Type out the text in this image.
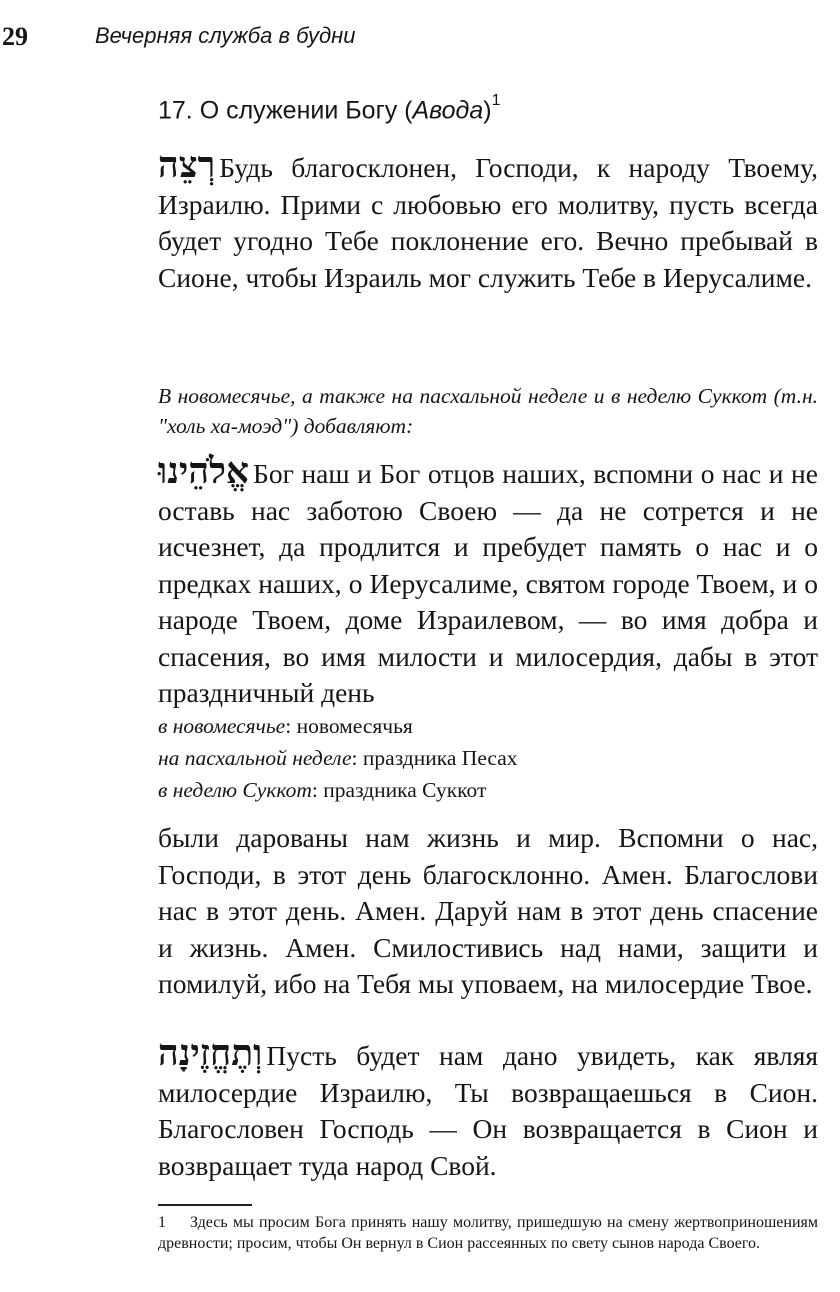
29	Вечерняя служба в будни
17. О служении Богу (Авода)$^1$

רְצֵה Будь благосклонен, Господи, к народу Твоему, Израилю. Прими с любовью его молитву, пусть всегда будет угодно Тебе поклонение его. Вечно пребывай в Сионе, чтобы Израиль мог служить Тебе в Иерусалиме.

В новомесячье, а также на пасхальной неделе и в неделю Суккот (т.н. "холь ха-моэд") добавляют:

אֱלֹהֵינוּ Бог наш и Бог отцов наших, вспомни о нас и не оставь нас заботою Своею — да не сотрется и не исчезнет, да продлится и пребудет память о нас и о предках наших, о Иерусалиме, святом городе Твоем, и о народе Твоем, доме Израилевом, — во имя добра и спасения, во имя милости и милосердия, дабы в этот праздничный день

в новомесячье: новомесячья
на пасхальной неделе: праздника Песах
в неделю Суккот: праздника Суккот

были дарованы нам жизнь и мир. Вспомни о нас, Господи, в этот день благосклонно. Амен. Благослови нас в этот день. Амен. Даруй нам в этот день спасение и жизнь. Амен. Смилостивись над нами, защити и помилуй, ибо на Тебя мы уповаем, на милосердие Твое.

וְתֶחֱזֶינָה Пусть будет нам дано увидеть, как являя милосердие Израилю, Ты возвращаешься в Сион. Благословен Господь — Он возвращается в Сион и возвращает туда народ Свой.

1 Здесь мы просим Бога принять нашу молитву, пришедшую на смену жертвоприношениям древности; просим, чтобы Он вернул в Сион рассеянных по свету сынов народа Своего.
